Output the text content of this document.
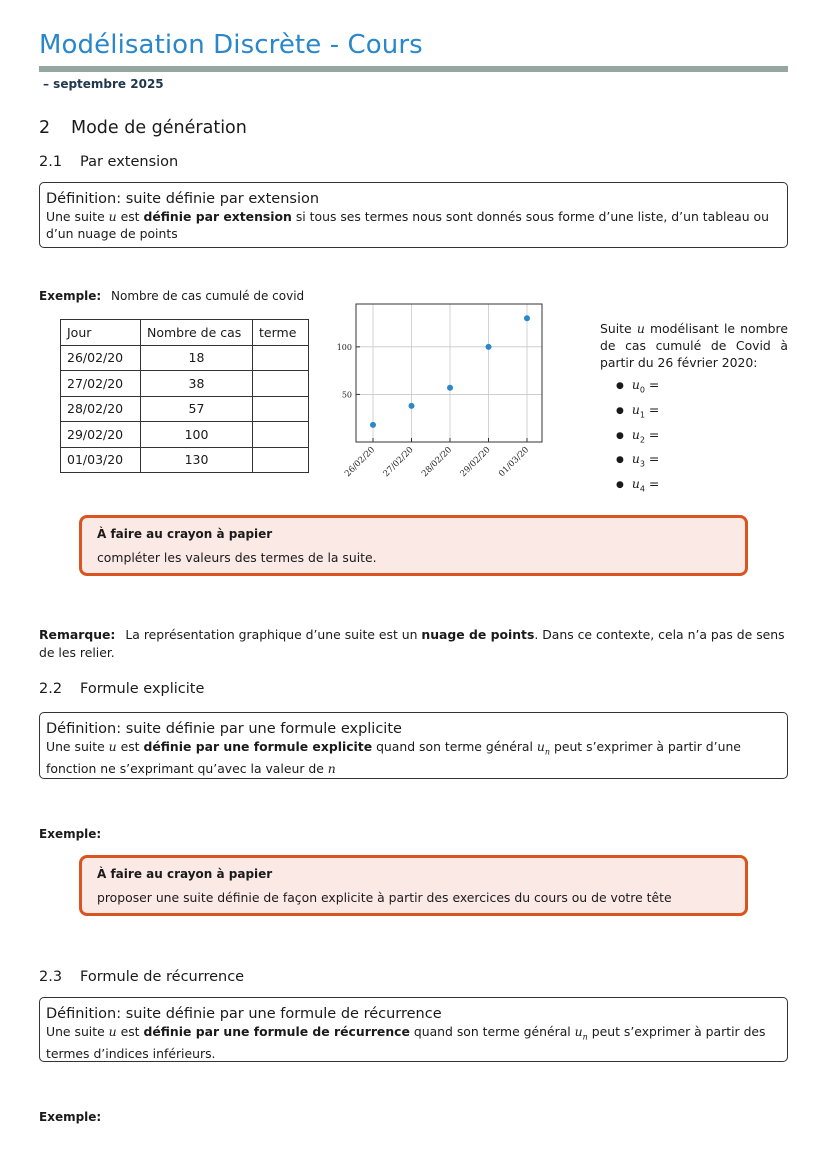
Modélisation Discrète - Cours
– septembre 2025
2 Mode de génération
2.1 Par extension
Définition: suite définie par extension
Une suite u est définie par extension si tous ses termes nous sont donnés sous forme d’une liste, d’un tableau ou d’un nuage de points
Exemple: Nombre de cas cumulé de covid
Jour	Nombre de cas	terme
26/02/20	18	
27/02/20	38	
28/02/20	57	
29/02/20	100	
01/03/20	130	
50
100
26/02/20 27/02/20 28/02/20 29/02/20 01/03/20
Suite u modélisant le nombre de cas cumulé de Covid à partir du 26 février 2020:
● $u_0$ =
● $u_1$ =
● $u_2$ =
● $u_3$ =
● $u_4$ =
À faire au crayon à papier
compléter les valeurs des termes de la suite.
Remarque: La représentation graphique d’une suite est un nuage de points. Dans ce contexte, cela n’a pas de sens de les relier.
2.2 Formule explicite
Définition: suite définie par une formule explicite
Une suite u est définie par une formule explicite quand son terme général $u_n$ peut s’exprimer à partir d’une fonction ne s’exprimant qu’avec la valeur de n
Exemple:
À faire au crayon à papier
proposer une suite définie de façon explicite à partir des exercices du cours ou de votre tête
2.3 Formule de récurrence
Définition: suite définie par une formule de récurrence
Une suite u est définie par une formule de récurrence quand son terme général $u_n$ peut s’exprimer à partir des termes d’indices inférieurs.
Exemple:
